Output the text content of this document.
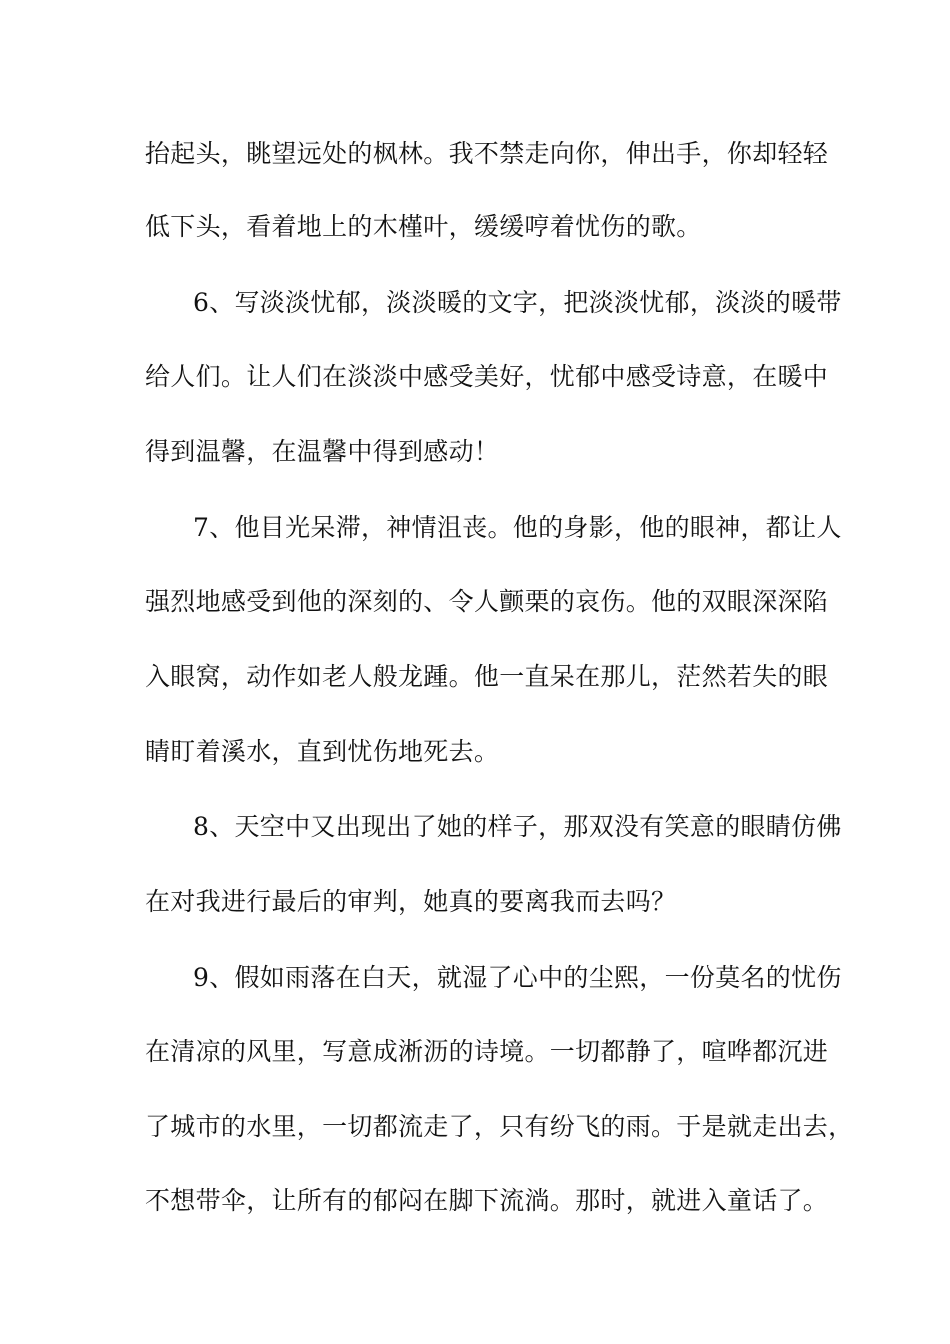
抬起头，眺望远处的枫林。我不禁走向你，伸出手，你却轻轻
低下头，看着地上的木槿叶，缓缓哼着忧伤的歌。
6、写淡淡忧郁，淡淡暖的文字，把淡淡忧郁，淡淡的暖带
给人们。让人们在淡淡中感受美好，忧郁中感受诗意，在暖中
得到温馨，在温馨中得到感动！
7、他目光呆滞，神情沮丧。他的身影，他的眼神，都让人
强烈地感受到他的深刻的、令人颤栗的哀伤。他的双眼深深陷
入眼窝，动作如老人般龙踵。他一直呆在那儿，茫然若失的眼
睛盯着溪水，直到忧伤地死去。
8、天空中又出现出了她的样子，那双没有笑意的眼睛仿佛
在对我进行最后的审判，她真的要离我而去吗？
9、假如雨落在白天，就湿了心中的尘熙，一份莫名的忧伤
在清凉的风里，写意成淅沥的诗境。一切都静了，喧哗都沉进
了城市的水里，一切都流走了，只有纷飞的雨。于是就走出去，
不想带伞，让所有的郁闷在脚下流淌。那时，就进入童话了。
